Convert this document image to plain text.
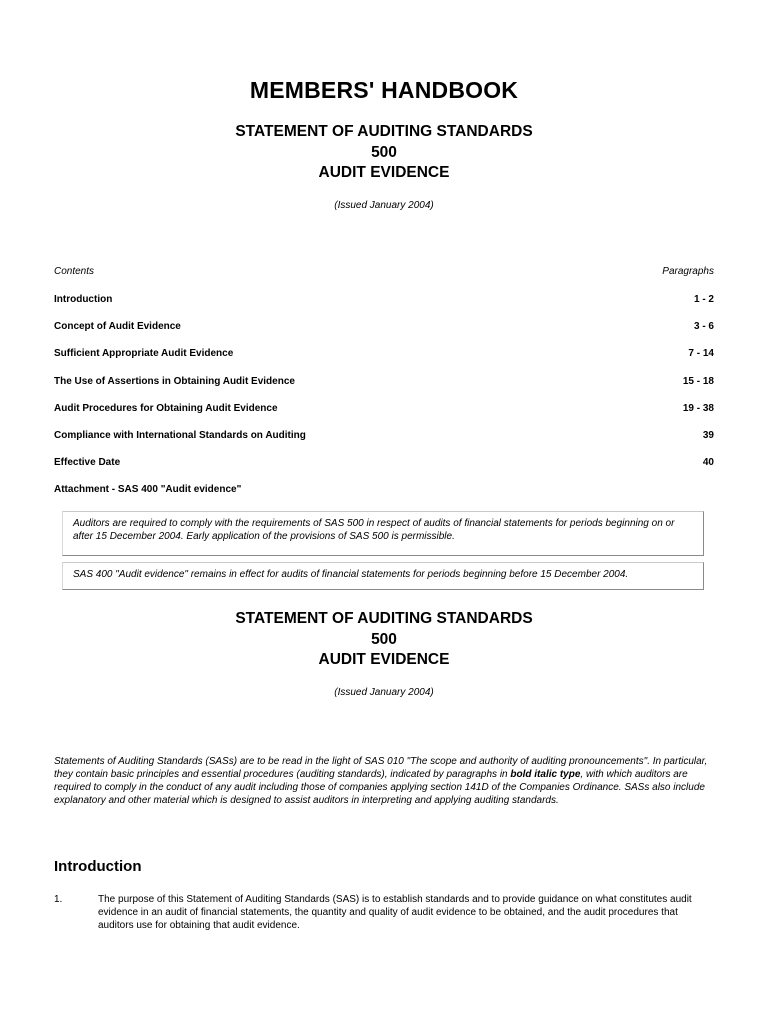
MEMBERS' HANDBOOK
STATEMENT OF AUDITING STANDARDS
500
AUDIT EVIDENCE
(Issued January 2004)
Contents	Paragraphs
Introduction	1 - 2
Concept of Audit Evidence	3 - 6
Sufficient Appropriate Audit Evidence	7 - 14
The Use of Assertions in Obtaining Audit Evidence	15 - 18
Audit Procedures for Obtaining Audit Evidence	19 - 38
Compliance with International Standards on Auditing	39
Effective Date	40
Attachment - SAS 400 "Audit evidence"
Auditors are required to comply with the requirements of SAS 500 in respect of audits of financial statements for periods beginning on or after 15 December 2004. Early application of the provisions of SAS 500 is permissible.
SAS 400 "Audit evidence" remains in effect for audits of financial statements for periods beginning before 15 December 2004.
STATEMENT OF AUDITING STANDARDS
500
AUDIT EVIDENCE
(Issued January 2004)

Statements of Auditing Standards (SASs) are to be read in the light of SAS 010 "The scope and authority of auditing pronouncements". In particular, they contain basic principles and essential procedures (auditing standards), indicated by paragraphs in bold italic type, with which auditors are required to comply in the conduct of any audit including those of companies applying section 141D of the Companies Ordinance. SASs also include explanatory and other material which is designed to assist auditors in interpreting and applying auditing standards.

Introduction
1.	The purpose of this Statement of Auditing Standards (SAS) is to establish standards and to provide guidance on what constitutes audit evidence in an audit of financial statements, the quantity and quality of audit evidence to be obtained, and the audit procedures that auditors use for obtaining that audit evidence.
